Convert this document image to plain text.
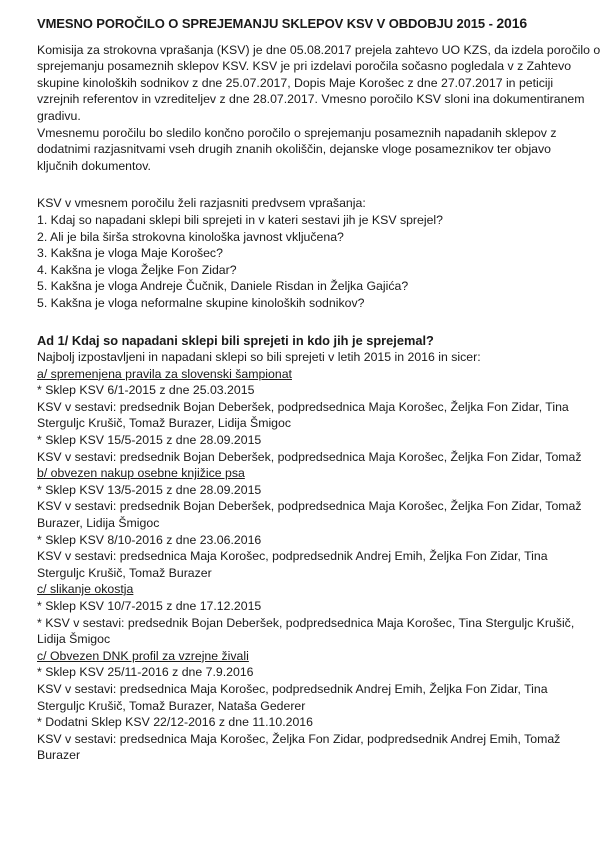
VMESNO POROČILO O SPREJEMANJU SKLEPOV KSV V OBDOBJU 2015 - 2016
Komisija za strokovna vprašanja (KSV) je dne 05.08.2017 prejela zahtevo UO KZS, da izdela poročilo o
sprejemanju posameznih sklepov KSV. KSV je pri izdelavi poročila sočasno pogledala v z Zahtevo
skupine kinoloških sodnikov z dne 25.07.2017, Dopis Maje Korošec z dne 27.07.2017 in peticiji
vzrejnih referentov in vzrediteljev z dne 28.07.2017. Vmesno poročilo KSV sloni ina dokumentiranem
gradivu.
Vmesnemu poročilu bo sledilo končno poročilo o sprejemanju posameznih napadanih sklepov z
dodatnimi razjasnitvami vseh drugih znanih okoliščin, dejanske vloge posameznikov ter objavo
ključnih dokumentov.
KSV v vmesnem poročilu želi razjasniti predvsem vprašanja:
1. Kdaj so napadani sklepi bili sprejeti in v kateri sestavi jih je KSV sprejel?
2. Ali je bila širša strokovna kinološka javnost vključena?
3. Kakšna je vloga Maje Korošec?
4. Kakšna je vloga Željke Fon Zidar?
5. Kakšna je vloga Andreje Čučnik, Daniele Risdan in Željka Gajića?
5. Kakšna je vloga neformalne skupine kinoloških sodnikov?
Ad 1/ Kdaj so napadani sklepi bili sprejeti in kdo jih je sprejemal?
Najbolj izpostavljeni in napadani sklepi so bili sprejeti v letih 2015 in 2016 in sicer:
a/ spremenjena pravila za slovenski šampionat
* Sklep KSV 6/1-2015 z dne 25.03.2015
KSV v sestavi: predsednik Bojan Deberšek, podpredsednica Maja Korošec, Željka Fon Zidar, Tina
Sterguljc Krušič, Tomaž Burazer, Lidija Šmigoc
* Sklep KSV 15/5-2015 z dne 28.09.2015
KSV v sestavi: predsednik Bojan Deberšek, podpredsednica Maja Korošec, Željka Fon Zidar, Tomaž
b/ obvezen nakup osebne knjižice psa
* Sklep KSV 13/5-2015 z dne 28.09.2015
KSV v sestavi: predsednik Bojan Deberšek, podpredsednica Maja Korošec, Željka Fon Zidar, Tomaž
Burazer, Lidija Šmigoc
* Sklep KSV 8/10-2016 z dne 23.06.2016
KSV v sestavi: predsednica Maja Korošec, podpredsednik Andrej Emih, Željka Fon Zidar, Tina
Sterguljc Krušič, Tomaž Burazer
c/ slikanje okostja
* Sklep KSV 10/7-2015 z dne 17.12.2015
* KSV v sestavi: predsednik Bojan Deberšek, podpredsednica Maja Korošec, Tina Sterguljc Krušič,
Lidija Šmigoc
c/ Obvezen DNK profil za vzrejne živali
* Sklep KSV 25/11-2016 z dne 7.9.2016
KSV v sestavi: predsednica Maja Korošec, podpredsednik Andrej Emih, Željka Fon Zidar, Tina
Sterguljc Krušič, Tomaž Burazer, Nataša Gederer
* Dodatni Sklep KSV 22/12-2016 z dne 11.10.2016
KSV v sestavi: predsednica Maja Korošec, Željka Fon Zidar, podpredsednik Andrej Emih, Tomaž
Burazer
